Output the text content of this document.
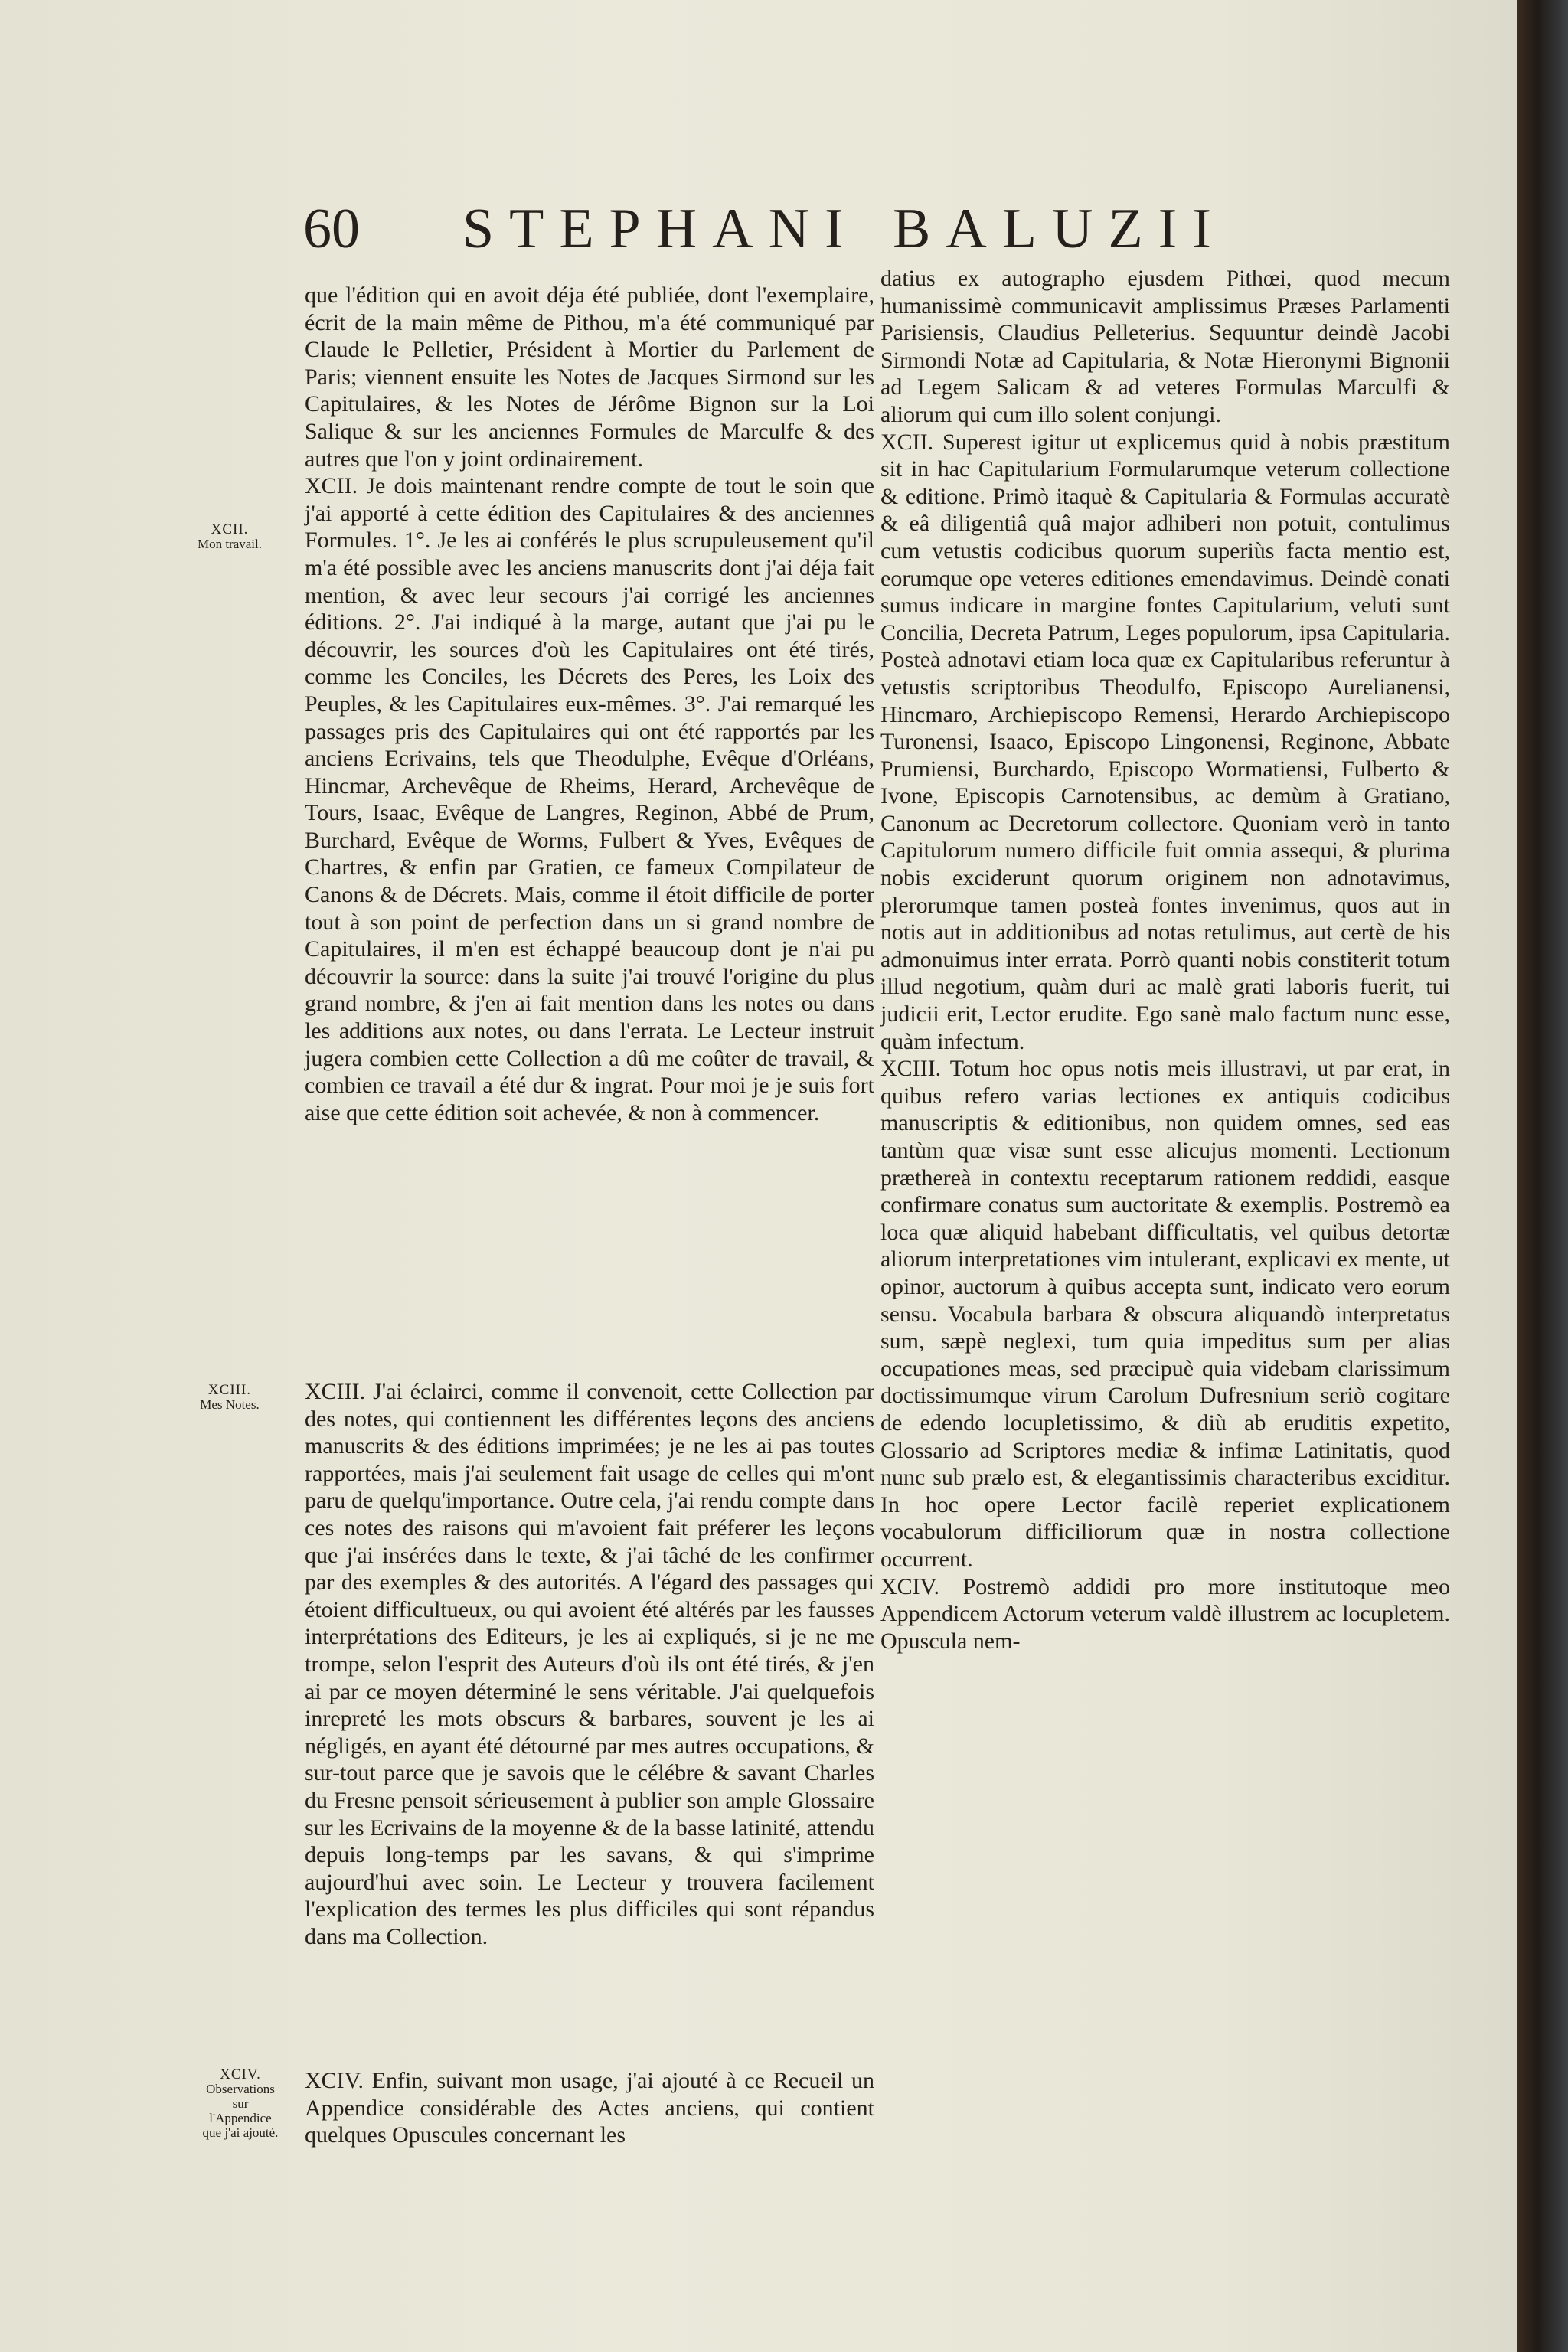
60 STEPHANI BALUZII
XCII.
Mon travail.
XCIII.
Mes Notes.
XCIV.
Observations sur l'Appendice que j'ai ajouté.

que l'édition qui en avoit déja été publiée, dont l'exemplaire, écrit de la main même de Pithou, m'a été communiqué par Claude le Pelletier, Président à Mortier du Parlement de Paris; viennent ensuite les Notes de Jacques Sirmond sur les Capitulaires, & les Notes de Jérôme Bignon sur la Loi Salique & sur les anciennes Formules de Marculfe & des autres que l'on y joint ordinairement.

XCII. Je dois maintenant rendre compte de tout le soin que j'ai apporté à cette édition des Capitulaires & des anciennes Formules. 1°. Je les ai conférés le plus scrupuleusement qu'il m'a été possible avec les anciens manuscrits dont j'ai déja fait mention, & avec leur secours j'ai corrigé les anciennes éditions. 2°. J'ai indiqué à la marge, autant que j'ai pu le découvrir, les sources d'où les Capitulaires ont été tirés, comme les Conciles, les Décrets des Peres, les Loix des Peuples, & les Capitulaires eux-mêmes. 3°. J'ai remarqué les passages pris des Capitulaires qui ont été rapportés par les anciens Ecrivains, tels que Theodulphe, Evêque d'Orléans, Hincmar, Archevêque de Rheims, Herard, Archevêque de Tours, Isaac, Evêque de Langres, Reginon, Abbé de Prum, Burchard, Evêque de Worms, Fulbert & Yves, Evêques de Chartres, & enfin par Gratien, ce fameux Compilateur de Canons & de Décrets. Mais, comme il étoit difficile de porter tout à son point de perfection dans un si grand nombre de Capitulaires, il m'en est échappé beaucoup dont je n'ai pu découvrir la source: dans la suite j'ai trouvé l'origine du plus grand nombre, & j'en ai fait mention dans les notes ou dans les additions aux notes, ou dans l'errata. Le Lecteur instruit jugera combien cette Collection a dû me coûter de travail, & combien ce travail a été dur & ingrat. Pour moi je je suis fort aise que cette édition soit achevée, & non à commencer.

XCIII. J'ai éclairci, comme il convenoit, cette Collection par des notes, qui contiennent les différentes leçons des anciens manuscrits & des éditions imprimées; je ne les ai pas toutes rapportées, mais j'ai seulement fait usage de celles qui m'ont paru de quelqu'importance. Outre cela, j'ai rendu compte dans ces notes des raisons qui m'avoient fait préferer les leçons que j'ai insérées dans le texte, & j'ai tâché de les confirmer par des exemples & des autorités. A l'égard des passages qui étoient difficultueux, ou qui avoient été altérés par les fausses interprétations des Editeurs, je les ai expliqués, si je ne me trompe, selon l'esprit des Auteurs d'où ils ont été tirés, & j'en ai par ce moyen déterminé le sens véritable. J'ai quelquefois inrepreté les mots obscurs & barbares, souvent je les ai négligés, en ayant été détourné par mes autres occupations, & sur-tout parce que je savois que le célébre & savant Charles du Fresne pensoit sérieusement à publier son ample Glossaire sur les Ecrivains de la moyenne & de la basse latinité, attendu depuis long-temps par les savans, & qui s'imprime aujourd'hui avec soin. Le Lecteur y trouvera facilement l'explication des termes les plus difficiles qui sont répandus dans ma Collection.

XCIV. Enfin, suivant mon usage, j'ai ajouté à ce Recueil un Appendice considérable des Actes anciens, qui contient quelques Opuscules concernant les

datius ex autographo ejusdem Pithœi, quod mecum humanissimè communicavit amplissimus Præses Parlamenti Parisiensis, Claudius Pelleterius. Sequuntur deindè Jacobi Sirmondi Notæ ad Capitularia, & Notæ Hieronymi Bignonii ad Legem Salicam & ad veteres Formulas Marculfi & aliorum qui cum illo solent conjungi.

XCII. Superest igitur ut explicemus quid à nobis præstitum sit in hac Capitularium Formularumque veterum collectione & editione. Primò itaquè & Capitularia & Formulas accuratè & eâ diligentiâ quâ major adhiberi non potuit, contulimus cum vetustis codicibus quorum superiùs facta mentio est, eorumque ope veteres editiones emendavimus. Deindè conati sumus indicare in margine fontes Capitularium, veluti sunt Concilia, Decreta Patrum, Leges populorum, ipsa Capitularia. Posteà adnotavi etiam loca quæ ex Capitularibus referuntur à vetustis scriptoribus Theodulfo, Episcopo Aurelianensi, Hincmaro, Archiepiscopo Remensi, Herardo Archiepiscopo Turonensi, Isaaco, Episcopo Lingonensi, Reginone, Abbate Prumiensi, Burchardo, Episcopo Wormatiensi, Fulberto & Ivone, Episcopis Carnotensibus, ac demùm à Gratiano, Canonum ac Decretorum collectore. Quoniam verò in tanto Capitulorum numero difficile fuit omnia assequi, & plurima nobis exciderunt quorum originem non adnotavimus, plerorumque tamen posteà fontes invenimus, quos aut in notis aut in additionibus ad notas retulimus, aut certè de his admonuimus inter errata. Porrò quanti nobis constiterit totum illud negotium, quàm duri ac malè grati laboris fuerit, tui judicii erit, Lector erudite. Ego sanè malo factum nunc esse, quàm infectum.

XCIII. Totum hoc opus notis meis illustravi, ut par erat, in quibus refero varias lectiones ex antiquis codicibus manuscriptis & editionibus, non quidem omnes, sed eas tantùm quæ visæ sunt esse alicujus momenti. Lectionum præthereà in contextu receptarum rationem reddidi, easque confirmare conatus sum auctoritate & exemplis. Postremò ea loca quæ aliquid habebant difficultatis, vel quibus detortæ aliorum interpretationes vim intulerant, explicavi ex mente, ut opinor, auctorum à quibus accepta sunt, indicato vero eorum sensu. Vocabula barbara & obscura aliquandò interpretatus sum, sæpè neglexi, tum quia impeditus sum per alias occupationes meas, sed præcipuè quia videbam clarissimum doctissimumque virum Carolum Dufresnium seriò cogitare de edendo locupletissimo, & diù ab eruditis expetito, Glossario ad Scriptores mediæ & infimæ Latinitatis, quod nunc sub prælo est, & elegantissimis characteribus exciditur. In hoc opere Lector facilè reperiet explicationem vocabulorum difficiliorum quæ in nostra collectione occurrent.

XCIV. Postremò addidi pro more institutoque meo Appendicem Actorum veterum valdè illustrem ac locupletem. Opuscula nem-
